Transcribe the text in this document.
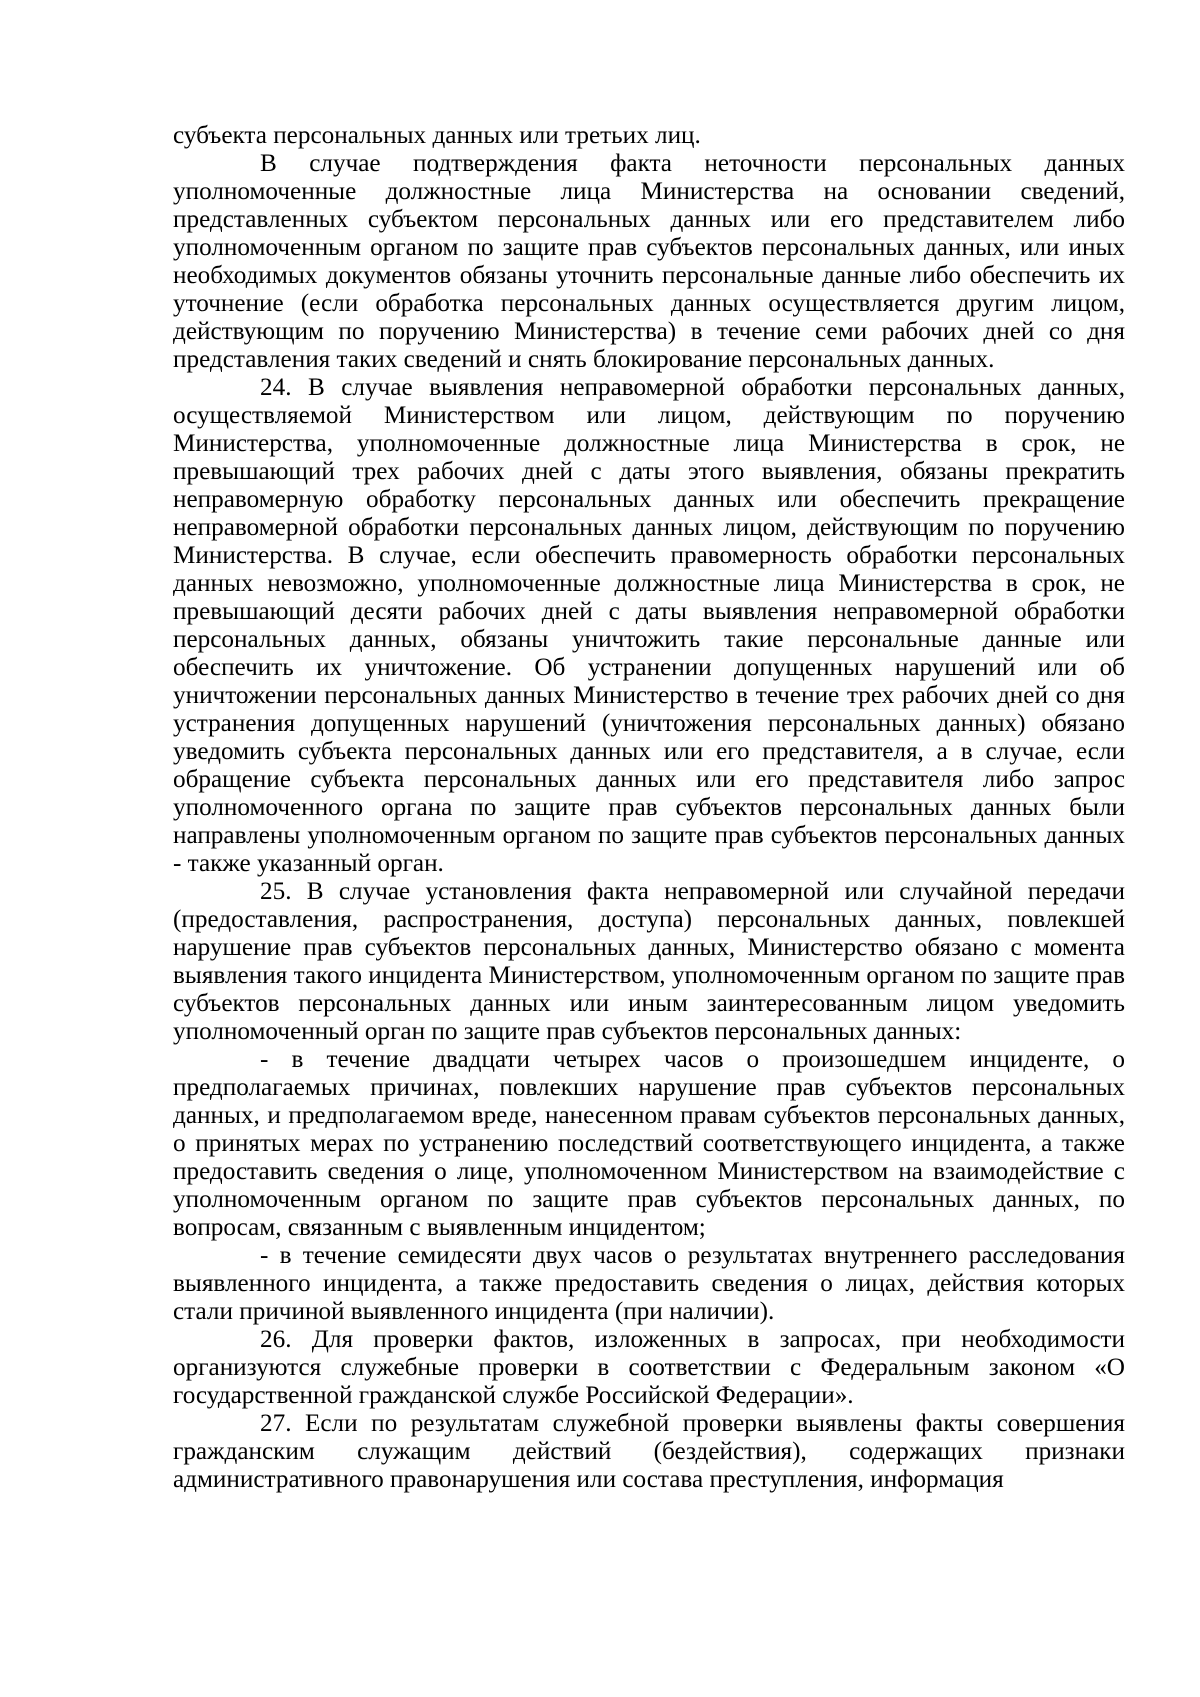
субъекта персональных данных или третьих лиц.

В случае подтверждения факта неточности персональных данных уполномоченные должностные лица Министерства на основании сведений, представленных субъектом персональных данных или его представителем либо уполномоченным органом по защите прав субъектов персональных данных, или иных необходимых документов обязаны уточнить персональные данные либо обеспечить их уточнение (если обработка персональных данных осуществляется другим лицом, действующим по поручению Министерства) в течение семи рабочих дней со дня представления таких сведений и снять блокирование персональных данных.

24. В случае выявления неправомерной обработки персональных данных, осуществляемой Министерством или лицом, действующим по поручению Министерства, уполномоченные должностные лица Министерства в срок, не превышающий трех рабочих дней с даты этого выявления, обязаны прекратить неправомерную обработку персональных данных или обеспечить прекращение неправомерной обработки персональных данных лицом, действующим по поручению Министерства. В случае, если обеспечить правомерность обработки персональных данных невозможно, уполномоченные должностные лица Министерства в срок, не превышающий десяти рабочих дней с даты выявления неправомерной обработки персональных данных, обязаны уничтожить такие персональные данные или обеспечить их уничтожение. Об устранении допущенных нарушений или об уничтожении персональных данных Министерство в течение трех рабочих дней со дня устранения допущенных нарушений (уничтожения персональных данных) обязано уведомить субъекта персональных данных или его представителя, а в случае, если обращение субъекта персональных данных или его представителя либо запрос уполномоченного органа по защите прав субъектов персональных данных были направлены уполномоченным органом по защите прав субъектов персональных данных - также указанный орган.

25. В случае установления факта неправомерной или случайной передачи (предоставления, распространения, доступа) персональных данных, повлекшей нарушение прав субъектов персональных данных, Министерство обязано с момента выявления такого инцидента Министерством, уполномоченным органом по защите прав субъектов персональных данных или иным заинтересованным лицом уведомить уполномоченный орган по защите прав субъектов персональных данных:

- в течение двадцати четырех часов о произошедшем инциденте, о предполагаемых причинах, повлекших нарушение прав субъектов персональных данных, и предполагаемом вреде, нанесенном правам субъектов персональных данных, о принятых мерах по устранению последствий соответствующего инцидента, а также предоставить сведения о лице, уполномоченном Министерством на взаимодействие с уполномоченным органом по защите прав субъектов персональных данных, по вопросам, связанным с выявленным инцидентом;

- в течение семидесяти двух часов о результатах внутреннего расследования выявленного инцидента, а также предоставить сведения о лицах, действия которых стали причиной выявленного инцидента (при наличии).

26. Для проверки фактов, изложенных в запросах, при необходимости организуются служебные проверки в соответствии с Федеральным законом «О государственной гражданской службе Российской Федерации».

27. Если по результатам служебной проверки выявлены факты совершения гражданским служащим действий (бездействия), содержащих признаки административного правонарушения или состава преступления, информация
